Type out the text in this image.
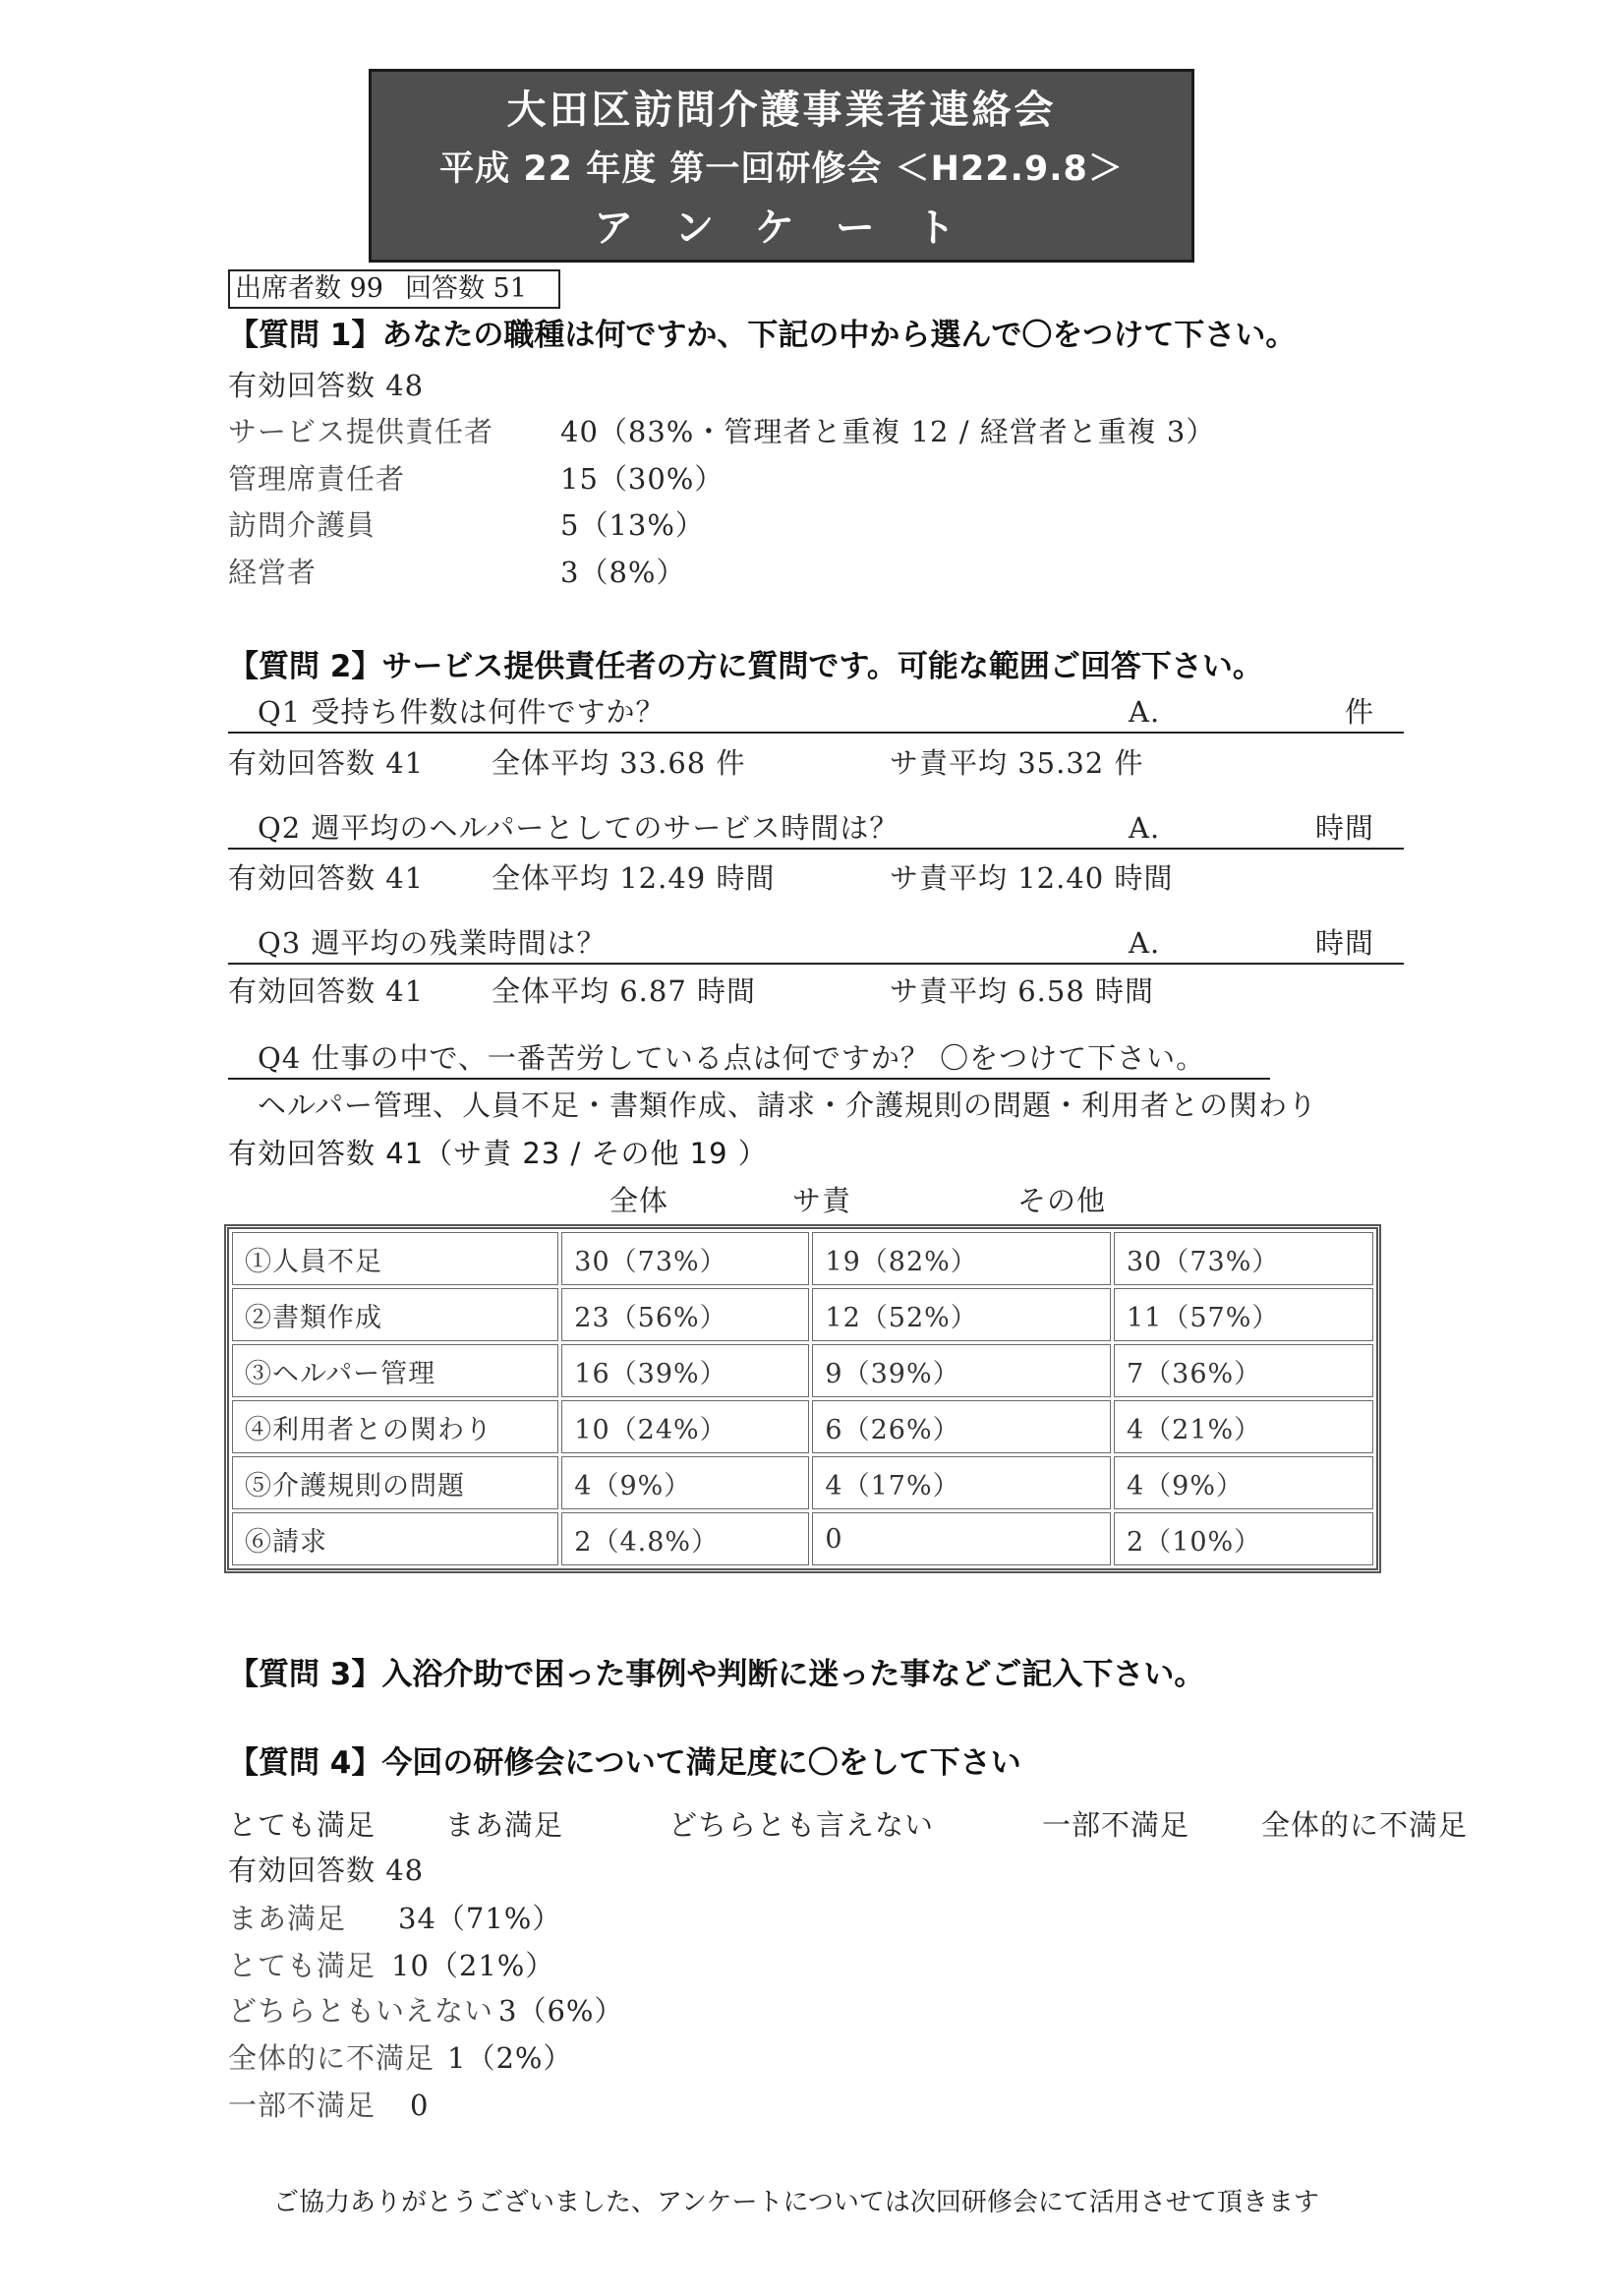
大田区訪問介護事業者連絡会
平成 22 年度 第一回研修会 ＜H22.9.8＞
ア ン ケ ー ト
出席者数 99 回答数 51
【質問 1】あなたの職種は何ですか、下記の中から選んで〇をつけて下さい。
有効回答数 48
サービス提供責任者 40（83%・管理者と重複 12 / 経営者と重複 3）
管理席責任者	15（30%）
訪問介護員	5（13%）
経営者	3（8%）
【質問 2】サービス提供責任者の方に質問です。可能な範囲ご回答下さい。
Q1 受持ち件数は何件ですか？	A.	件
有効回答数 41 全体平均 33.68 件	サ責平均 35.32 件
Q2 週平均のヘルパーとしてのサービス時間は？	A.	時間
有効回答数 41 全体平均 12.49 時間	サ責平均 12.40 時間
Q3 週平均の残業時間は？	A.	時間
有効回答数 41 全体平均 6.87 時間	サ責平均 6.58 時間
Q4 仕事の中で、一番苦労している点は何ですか？ 〇をつけて下さい。
ヘルパー管理、人員不足・書類作成、請求・介護規則の問題・利用者との関わり
有効回答数 41（サ責 23 / その他 19 ）
全体	サ責	その他
①人員不足	30（73%）	19（82%）	30（73%）
②書類作成	23（56%）	12（52%）	11（57%）
③ヘルパー管理	16（39%）	9（39%）	7（36%）
④利用者との関わり	10（24%）	6（26%）	4（21%）
⑤介護規則の問題	4（9%）	4（17%）	4（9%）
⑥請求	2（4.8%）	0	2（10%）
【質問 3】入浴介助で困った事例や判断に迷った事などご記入下さい。
【質問 4】今回の研修会について満足度に〇をして下さい
とても満足 まあ満足	どちらとも言えない	一部不満足	全体的に不満足
有効回答数 48
まあ満足 34（71%）
とても満足 10（21%）
どちらともいえない 3（6%）
全体的に不満足 1（2%）
一部不満足 0
ご協力ありがとうございました、アンケートについては次回研修会にて活用させて頂きます
